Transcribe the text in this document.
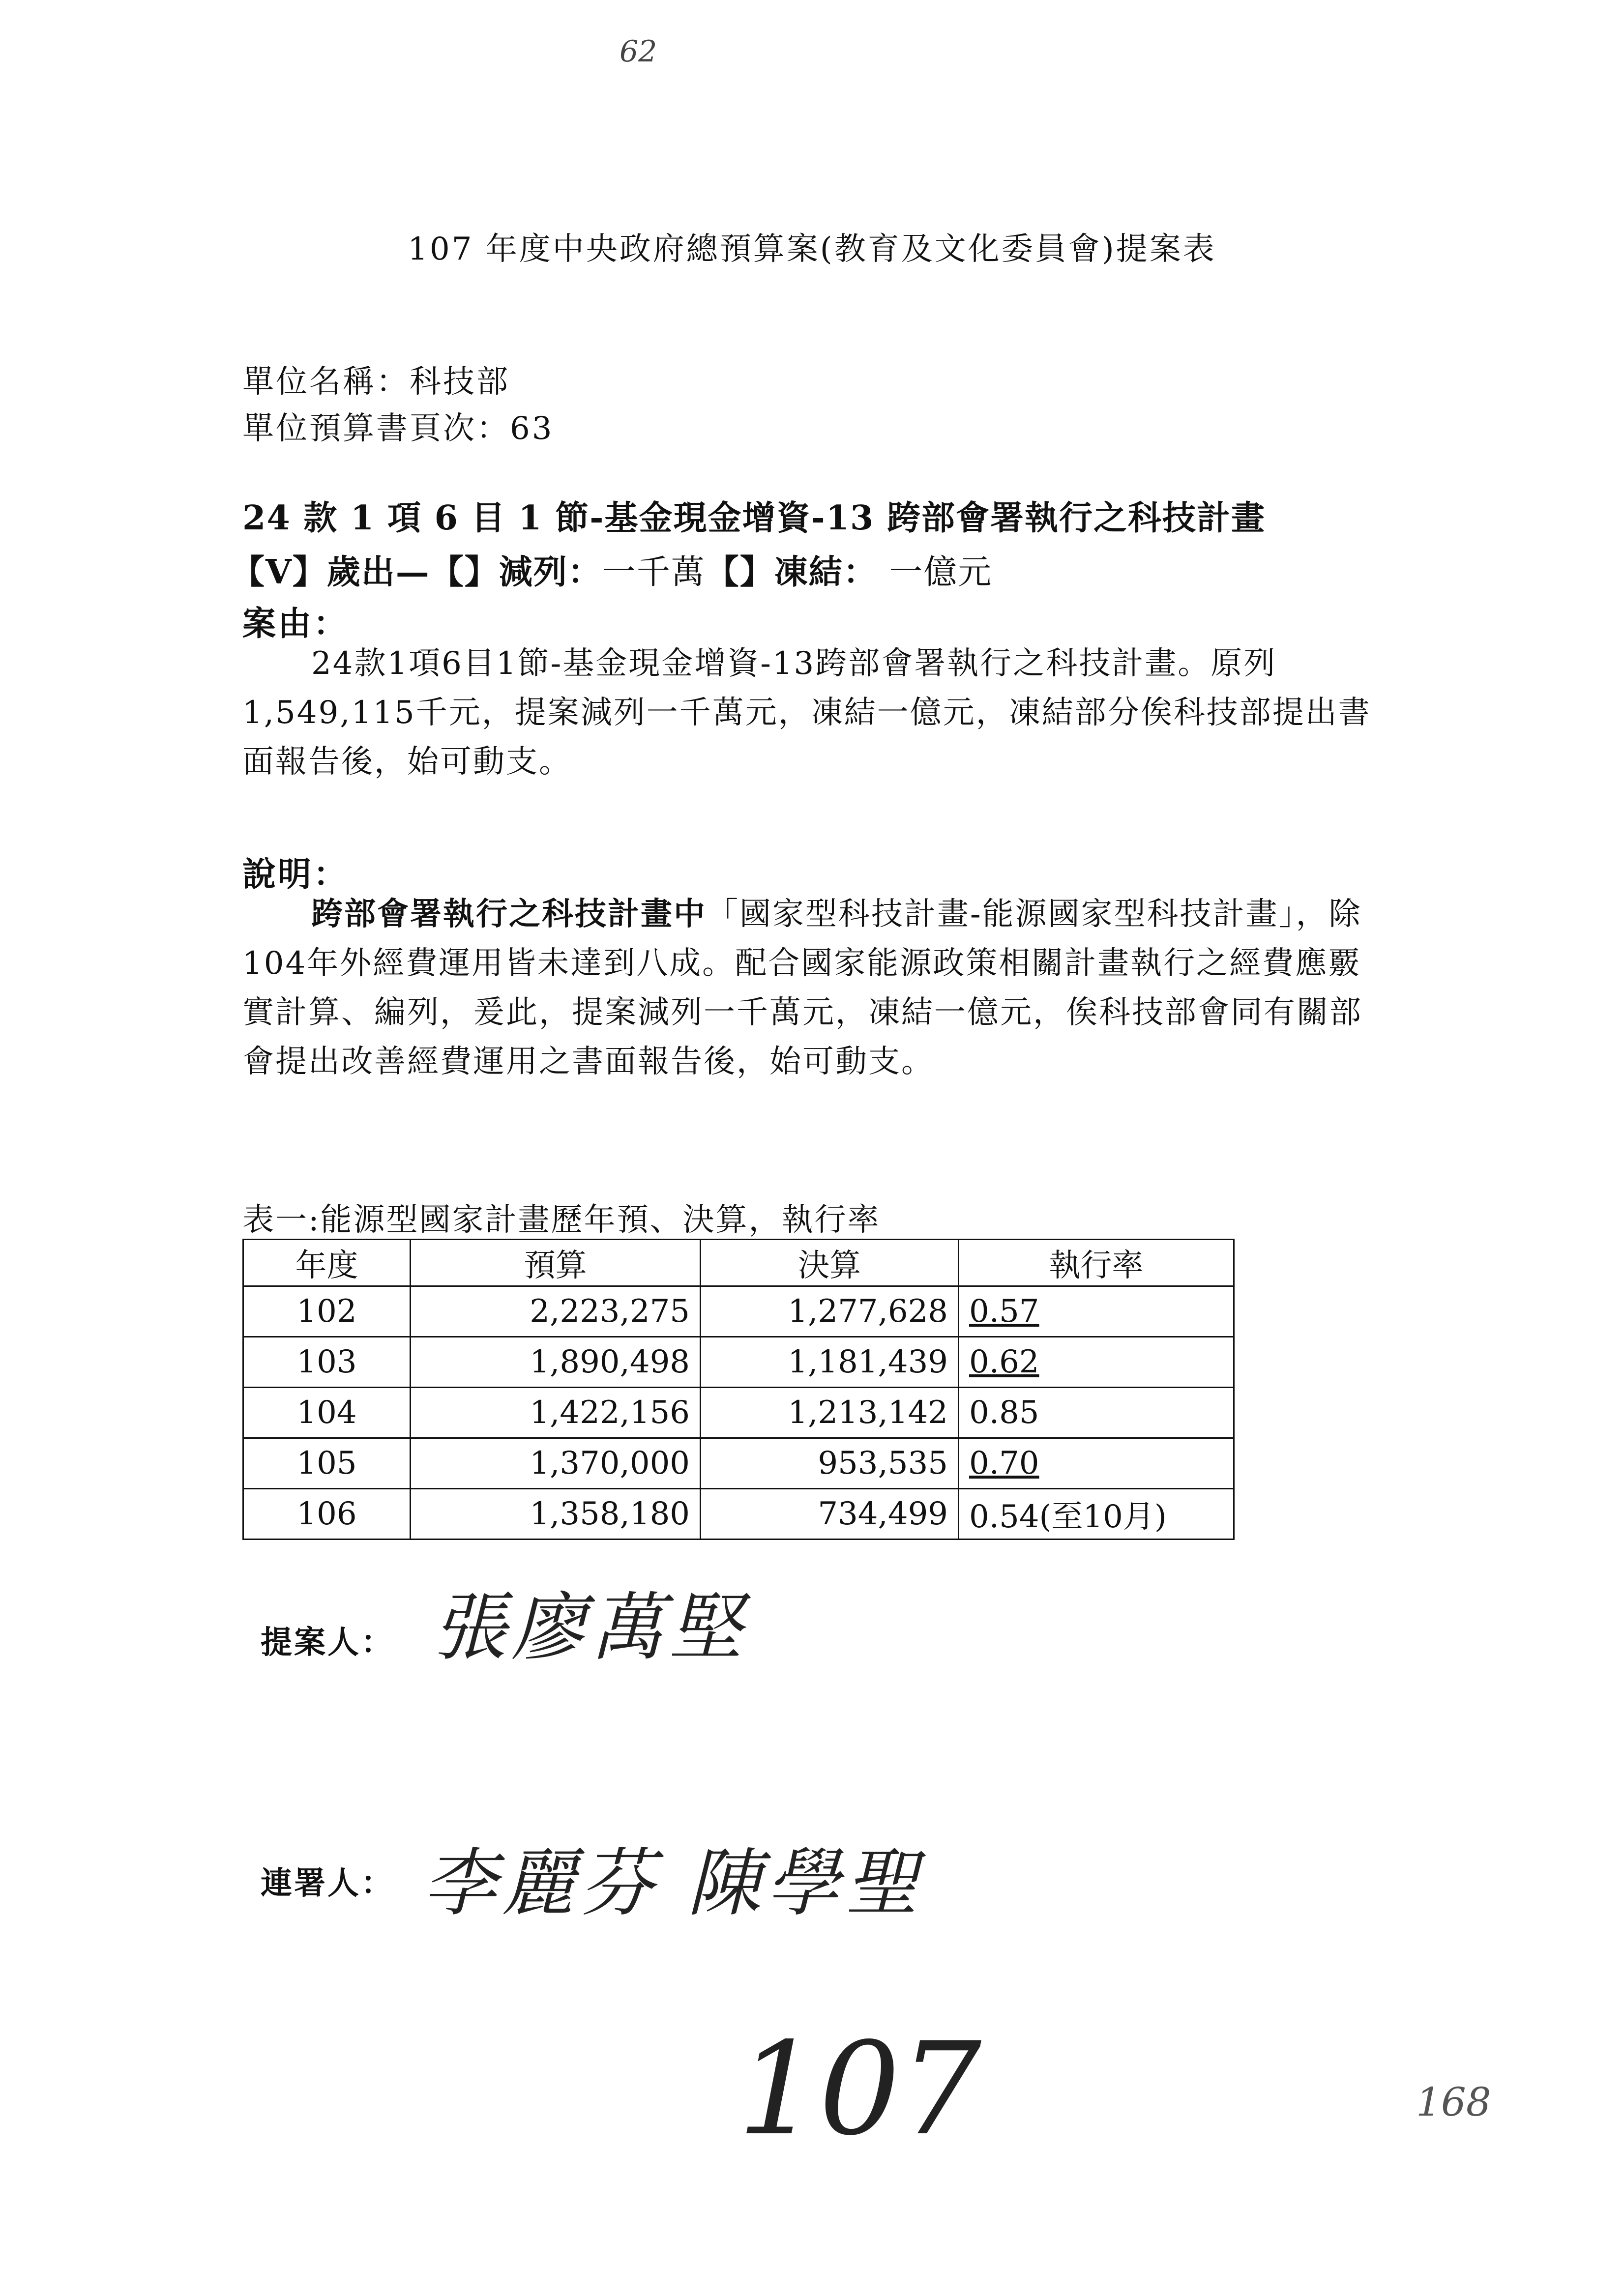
62
107 年度中央政府總預算案(教育及文化委員會)提案表
單位名稱：科技部
單位預算書頁次：63
24 款 1 項 6 目 1 節-基金現金增資-13 跨部會署執行之科技計畫
【V】歲出—【】減列：一千萬【】凍結： 一億元
案由：

24款1項6目1節-基金現金增資-13跨部會署執行之科技計畫。原列1,549,115千元，提案減列一千萬元，凍結一億元，凍結部分俟科技部提出書面報告後，始可動支。

說明：

跨部會署執行之科技計畫中「國家型科技計畫-能源國家型科技計畫」，除104年外經費運用皆未達到八成。配合國家能源政策相關計畫執行之經費應覈實計算、編列，爰此，提案減列一千萬元，凍結一億元，俟科技部會同有關部會提出改善經費運用之書面報告後，始可動支。

表一:能源型國家計畫歷年預、決算，執行率
年度	預算	決算	執行率
102	2,223,275	1,277,628	0.57
103	1,890,498	1,181,439	0.62
104	1,422,156	1,213,142	0.85
105	1,370,000	953,535	0.70
106	1,358,180	734,499	0.54(至10月)
提案人： 張廖萬堅
連署人： 李麗芬 陳學聖
107	168
